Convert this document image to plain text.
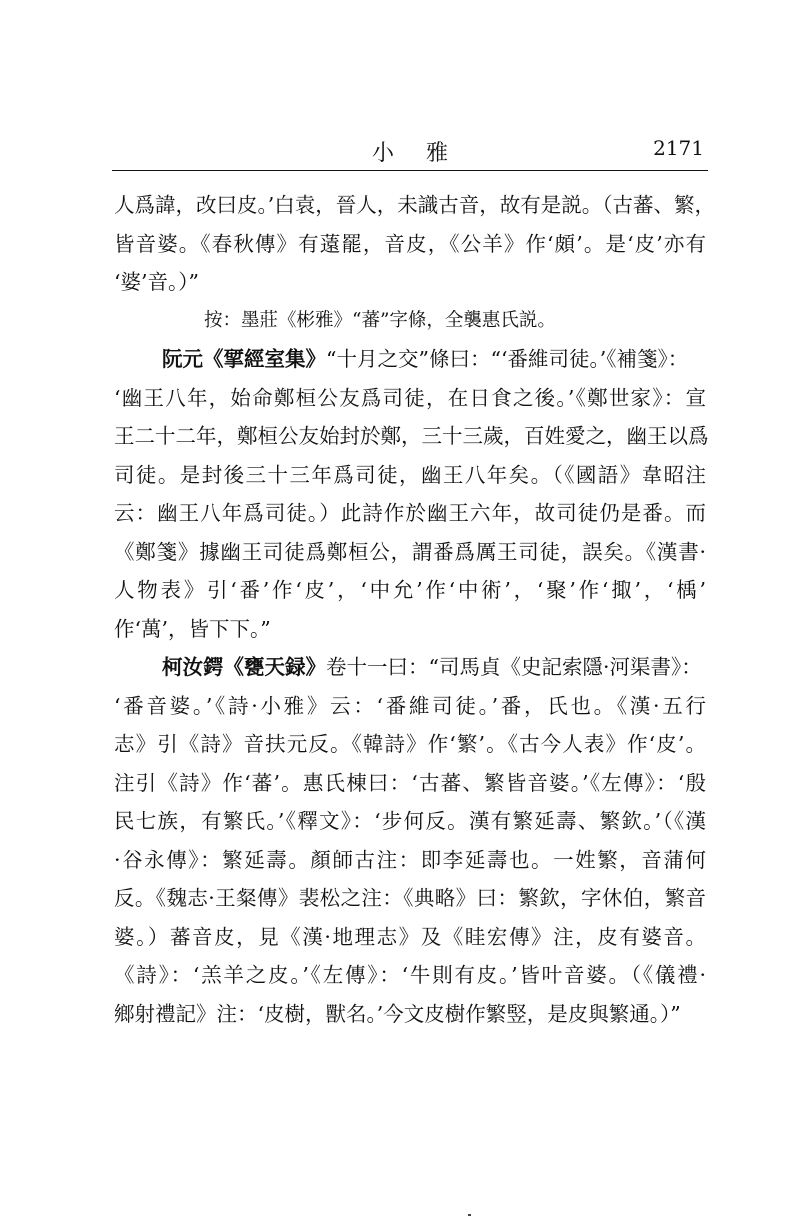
小雅	2171
人爲諱，改曰皮。’白袁，晉人，未識古音，故有是説。（古蕃、繁，
皆音婆。《春秋傳》有薳罷，音皮，《公羊》作‘頗’。是‘皮’亦有
‘婆’音。）”
按：墨莊《彬雅》“蕃”字條，全襲惠氏説。
阮元《揅經室集》“十月之交”條曰：“‘番維司徒。’《補箋》：
‘幽王八年，始命鄭桓公友爲司徒，在日食之後。’《鄭世家》：宣
王二十二年，鄭桓公友始封於鄭，三十三歲，百姓愛之，幽王以爲
司徒。是封後三十三年爲司徒，幽王八年矣。（《國語》韋昭注
云：幽王八年爲司徒。）此詩作於幽王六年，故司徒仍是番。而
《鄭箋》據幽王司徒爲鄭桓公，謂番爲厲王司徒，誤矣。《漢書·
人物表》引‘番’作‘皮’，‘中允’作‘中術’，‘聚’作‘掫’，‘楀’
作‘萬’，皆下下。”
柯汝鍔《甕天録》卷十一曰：“司馬貞《史記索隱·河渠書》：
‘番音婆。’《詩·小雅》云：‘番維司徒。’番，氏也。《漢·五行
志》引《詩》音扶元反。《韓詩》作‘繁’。《古今人表》作‘皮’。
注引《詩》作‘蕃’。惠氏棟曰：‘古蕃、繁皆音婆。’《左傳》：‘殷
民七族，有繁氏。’《釋文》：‘步何反。漢有繁延壽、繁欽。’（《漢
·谷永傳》：繁延壽。顏師古注：即李延壽也。一姓繁，音蒲何
反。《魏志·王粲傳》裴松之注：《典略》曰：繁欽，字休伯，繁音
婆。）蕃音皮，見《漢·地理志》及《眭宏傳》注，皮有婆音。
《詩》：‘羔羊之皮。’《左傳》：‘牛則有皮。’皆叶音婆。（《儀禮·
鄉射禮記》注：‘皮樹，獸名。’今文皮樹作繁竪，是皮與繁通。）”
